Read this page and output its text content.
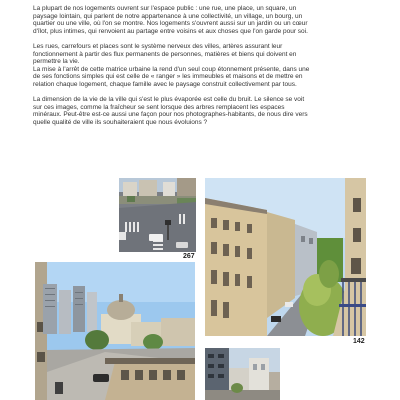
La plupart de nos logements ouvrent sur l'espace public : une rue, une place, un square, un paysage lointain, qui parlent de notre appartenance à une collectivité, un village, un bourg, un quartier ou une ville, où l'on se montre. Nos logements s'ouvrent aussi sur un jardin ou un cœur d'îlot, plus intimes, qui renvoient au partage entre voisins et aux choses que l'on garde pour soi.

Les rues, carrefours et places sont le système nerveux des villes, artères assurant leur fonctionnement à partir des flux permanents de personnes, matières et biens qui doivent en permettre la vie.
La mise à l'arrêt de cette matrice urbaine la rend d'un seul coup étonnement présente, dans une de ses fonctions simples qui est celle de « ranger » les immeubles et maisons et de mettre en relation chaque logement, chaque famille avec le paysage construit collectivement par tous.

La dimension de la vie de la ville qui s'est le plus évaporée est celle du bruit. Le silence se voit sur ces images, comme la fraîcheur se sent lorsque des arbres remplacent les espaces minéraux. Peut-être est-ce aussi une façon pour nos photographes-habitants, de nous dire vers quelle qualité de ville ils souhaiteraient que nous évoluions ?

267
142
